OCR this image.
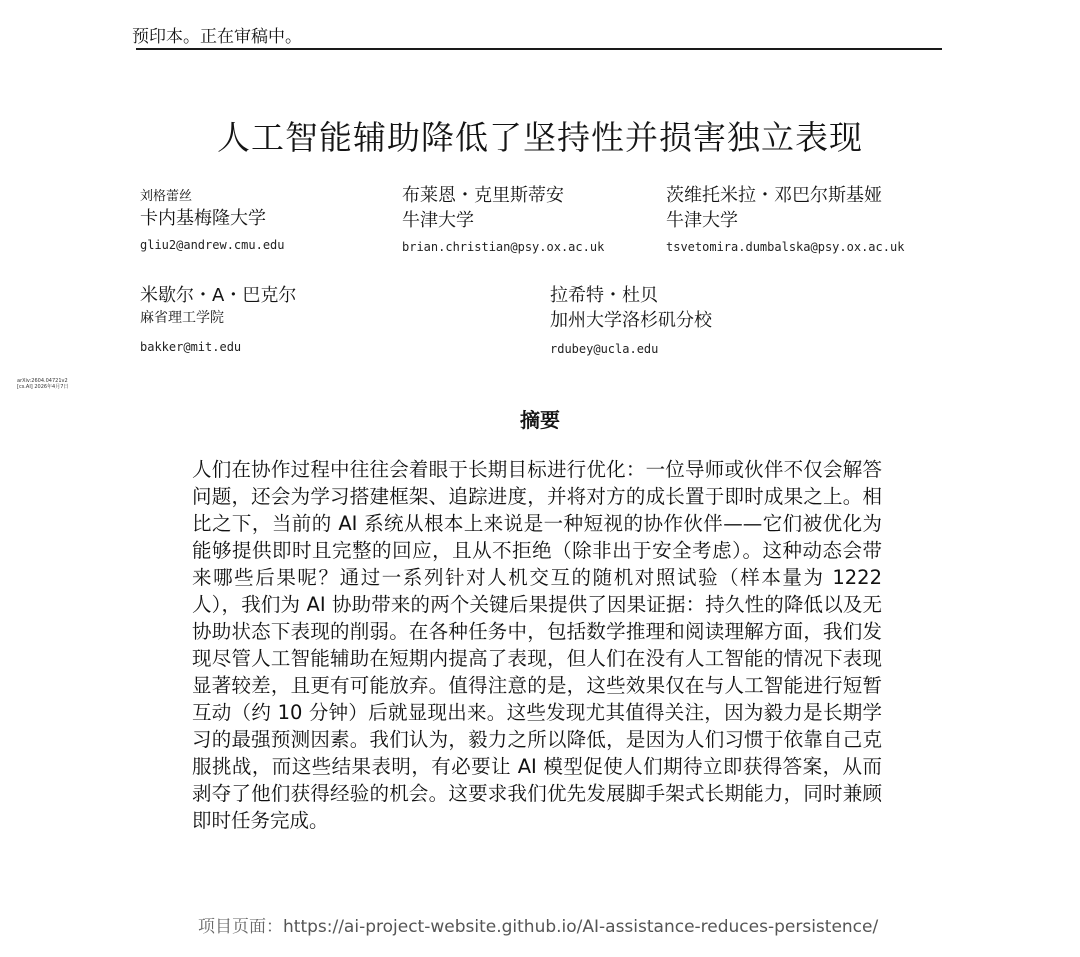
预印本。正在审稿中。
人工智能辅助降低了坚持性并损害独立表现
刘格蕾丝
卡内基梅隆大学
gliu2@andrew.cmu.edu
布莱恩・克里斯蒂安
牛津大学
brian.christian@psy.ox.ac.uk
茨维托米拉・邓巴尔斯基娅
牛津大学
tsvetomira.dumbalska@psy.ox.ac.uk
米歇尔・A・巴克尔
麻省理工学院
bakker@mit.edu
拉希特・杜贝
加州大学洛杉矶分校
rdubey@ucla.edu
arXiv:2604.04721v2 [cs.AI] 2026年4月7日
摘要

人们在协作过程中往往会着眼于长期目标进行优化：一位导师或伙伴不仅会解答问题，还会为学习搭建框架、追踪进度，并将对方的成长置于即时成果之上。相比之下，当前的 AI 系统从根本上来说是一种短视的协作伙伴——它们被优化为能够提供即时且完整的回应，且从不拒绝（除非出于安全考虑）。这种动态会带来哪些后果呢？通过一系列针对人机交互的随机对照试验（样本量为 1222 人），我们为 AI 协助带来的两个关键后果提供了因果证据：持久性的降低以及无协助状态下表现的削弱。在各种任务中，包括数学推理和阅读理解方面，我们发现尽管人工智能辅助在短期内提高了表现，但人们在没有人工智能的情况下表现显著较差，且更有可能放弃。值得注意的是，这些效果仅在与人工智能进行短暂互动（约 10 分钟）后就显现出来。这些发现尤其值得关注，因为毅力是长期学习的最强预测因素。我们认为，毅力之所以降低，是因为人们习惯于依靠自己克服挑战，而这些结果表明，有必要让 AI 模型促使人们期待立即获得答案，从而剥夺了他们获得经验的机会。这要求我们优先发展脚手架式长期能力，同时兼顾即时任务完成。

项目页面：https://ai-project-website.github.io/AI-assistance-reduces-persistence/
